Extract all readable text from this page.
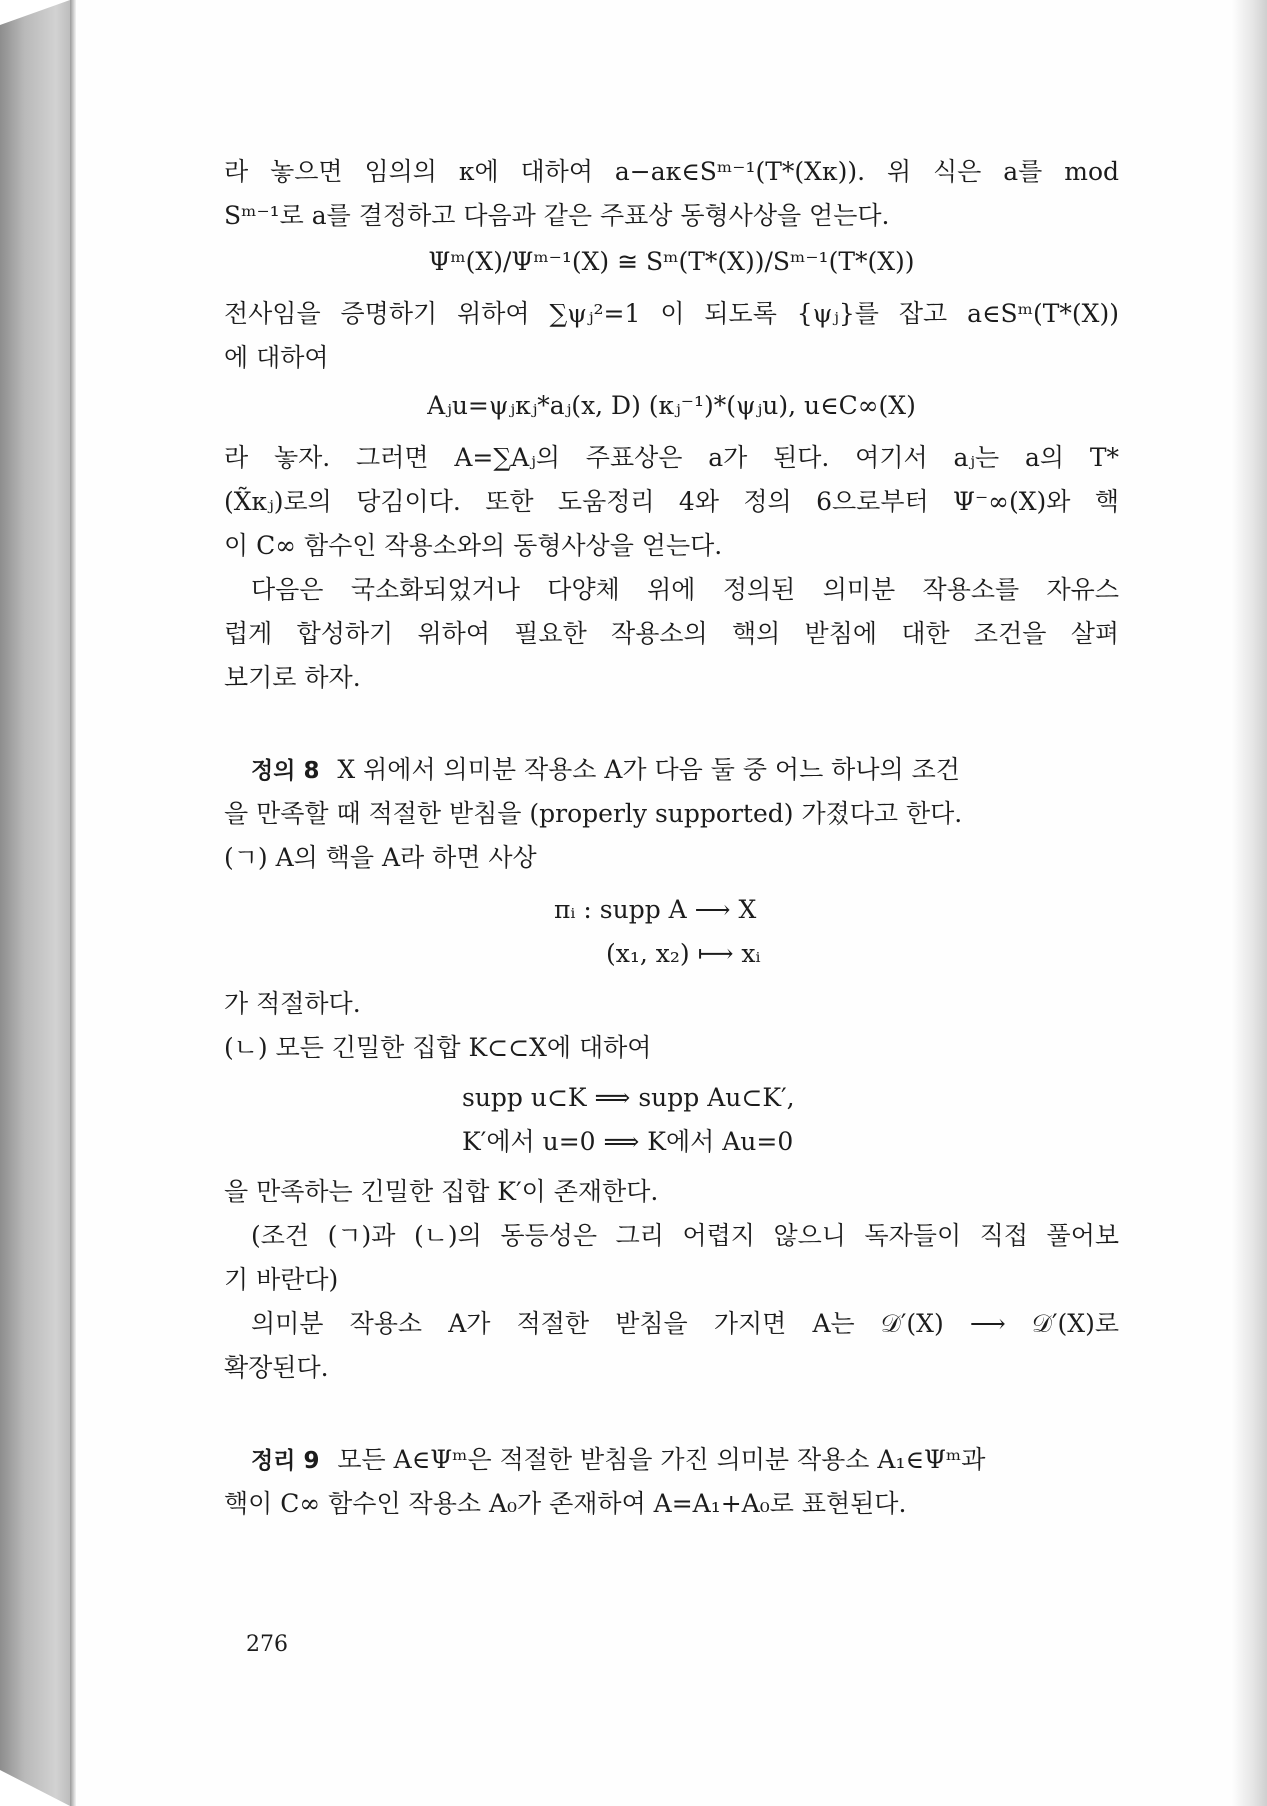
라 놓으면 임의의 κ에 대하여 a−aκ∈Sᵐ⁻¹(T*(Xκ)). 위 식은 a를 mod
Sᵐ⁻¹로 a를 결정하고 다음과 같은 주표상 동형사상을 얻는다.
Ψᵐ(X)/Ψᵐ⁻¹(X) ≅ Sᵐ(T*(X))/Sᵐ⁻¹(T*(X))
전사임을 증명하기 위하여 ∑ψⱼ²=1 이 되도록 {ψⱼ}를 잡고 a∈Sᵐ(T*(X))
에 대하여
Aⱼu=ψⱼκⱼ*aⱼ(x, D) (κⱼ⁻¹)*(ψⱼu), u∈C∞(X)
라 놓자. 그러면 A=∑Aⱼ의 주표상은 a가 된다. 여기서 aⱼ는 a의 T*
(X̃κⱼ)로의 당김이다. 또한 도움정리 4와 정의 6으로부터 Ψ⁻∞(X)와 핵
이 C∞ 함수인 작용소와의 동형사상을 얻는다.
다음은 국소화되었거나 다양체 위에 정의된 의미분 작용소를 자유스
럽게 합성하기 위하여 필요한 작용소의 핵의 받침에 대한 조건을 살펴
보기로 하자.
정의 8 X 위에서 의미분 작용소 A가 다음 둘 중 어느 하나의 조건
을 만족할 때 적절한 받침을 (properly supported) 가졌다고 한다.
(ㄱ) A의 핵을 A라 하면 사상
πᵢ : supp A ⟶ X
(x₁, x₂) ⟼ xᵢ
가 적절하다.
(ㄴ) 모든 긴밀한 집합 K⊂⊂X에 대하여
supp u⊂K ⟹ supp Au⊂K′,
K′에서 u=0 ⟹ K에서 Au=0
을 만족하는 긴밀한 집합 K′이 존재한다.
(조건 (ㄱ)과 (ㄴ)의 동등성은 그리 어렵지 않으니 독자들이 직접 풀어보
기 바란다)
의미분 작용소 A가 적절한 받침을 가지면 A는 𝒟′(X) ⟶ 𝒟′(X)로
확장된다.
정리 9 모든 A∈Ψᵐ은 적절한 받침을 가진 의미분 작용소 A₁∈Ψᵐ과
핵이 C∞ 함수인 작용소 A₀가 존재하여 A=A₁+A₀로 표현된다.
276
